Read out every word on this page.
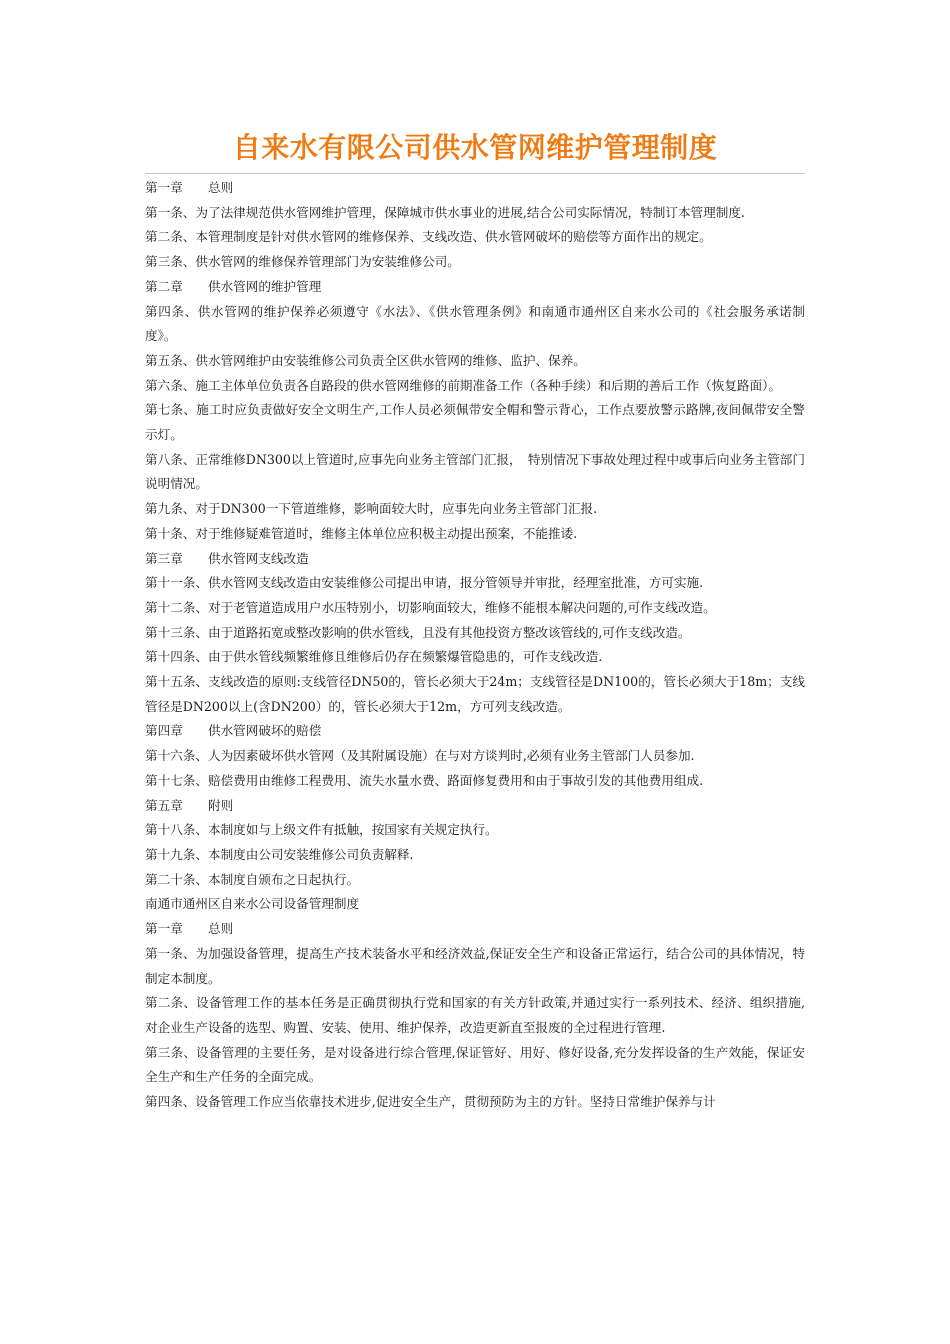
自来水有限公司供水管网维护管理制度

第一章　　总则

第一条、为了法律规范供水管网维护管理，保障城市供水事业的进展,结合公司实际情况，特制订本管理制度.

第二条、本管理制度是针对供水管网的维修保养、支线改造、供水管网破坏的赔偿等方面作出的规定。

第三条、供水管网的维修保养管理部门为安装维修公司。

第二章　　供水管网的维护管理

第四条、供水管网的维护保养必须遵守《水法》、《供水管理条例》和南通市通州区自来水公司的《社会服务承诺制度》。

第五条、供水管网维护由安装维修公司负责全区供水管网的维修、监护、保养。

第六条、施工主体单位负责各自路段的供水管网维修的前期准备工作（各种手续）和后期的善后工作（恢复路面）。

第七条、施工时应负责做好安全文明生产,工作人员必须佩带安全帽和警示背心，工作点要放警示路牌,夜间佩带安全警示灯。

第八条、正常维修DN300以上管道时,应事先向业务主管部门汇报，　特别情况下事故处理过程中或事后向业务主管部门说明情况。

第九条、对于DN300一下管道维修，影响面较大时，应事先向业务主管部门汇报.

第十条、对于维修疑难管道时，维修主体单位应积极主动提出预案，不能推诿.

第三章　　供水管网支线改造

第十一条、供水管网支线改造由安装维修公司提出申请，报分管领导并审批，经理室批准，方可实施.

第十二条、对于老管道造成用户水压特别小，切影响面较大，维修不能根本解决问题的,可作支线改造。

第十三条、由于道路拓宽或整改影响的供水管线，且没有其他投资方整改该管线的,可作支线改造。

第十四条、由于供水管线频繁维修且维修后仍存在频繁爆管隐患的，可作支线改造.

第十五条、支线改造的原则:支线管径DN50的，管长必须大于24m；支线管径是DN100的，管长必须大于18m；支线管径是DN200以上(含DN200）的，管长必须大于12m，方可列支线改造。

第四章　　供水管网破坏的赔偿

第十六条、人为因素破坏供水管网（及其附属设施）在与对方谈判时,必须有业务主管部门人员参加.

第十七条、赔偿费用由维修工程费用、流失水量水费、路面修复费用和由于事故引发的其他费用组成.

第五章　　附则

第十八条、本制度如与上级文件有抵触，按国家有关规定执行。

第十九条、本制度由公司安装维修公司负责解释.

第二十条、本制度自颁布之日起执行。

南通市通州区自来水公司设备管理制度

第一章　　总则

第一条、为加强设备管理，提高生产技术装备水平和经济效益,保证安全生产和设备正常运行，结合公司的具体情况，特制定本制度。

第二条、设备管理工作的基本任务是正确贯彻执行党和国家的有关方针政策,并通过实行一系列技术、经济、组织措施,对企业生产设备的选型、购置、安装、使用、维护保养，改造更新直至报废的全过程进行管理.

第三条、设备管理的主要任务，是对设备进行综合管理,保证管好、用好、修好设备,充分发挥设备的生产效能，保证安全生产和生产任务的全面完成。

第四条、设备管理工作应当依靠技术进步,促进安全生产，贯彻预防为主的方针。坚持日常维护保养与计
